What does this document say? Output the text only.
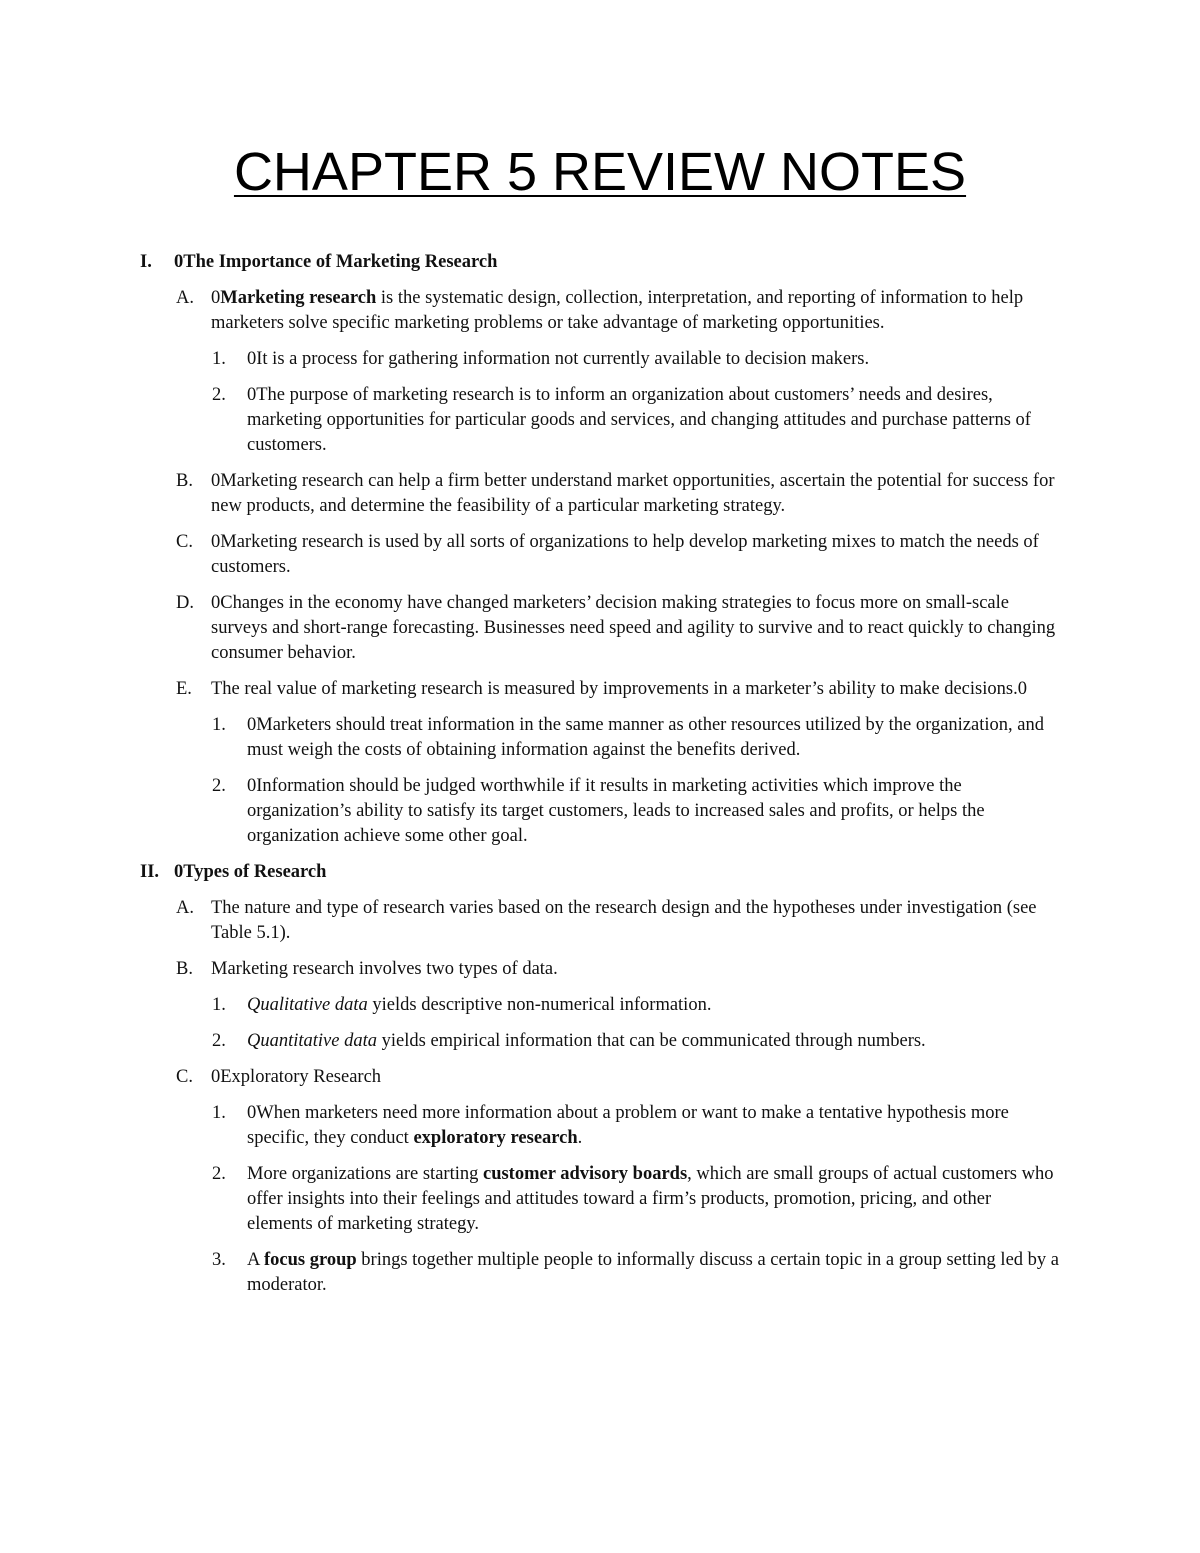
CHAPTER 5 REVIEW NOTES
I. 0The Importance of Marketing Research
A. 0Marketing research is the systematic design, collection, interpretation, and reporting of information to help marketers solve specific marketing problems or take advantage of marketing opportunities.
1. 0It is a process for gathering information not currently available to decision makers.
2. 0The purpose of marketing research is to inform an organization about customers’ needs and desires, marketing opportunities for particular goods and services, and changing attitudes and purchase patterns of customers.
B. 0Marketing research can help a firm better understand market opportunities, ascertain the potential for success for new products, and determine the feasibility of a particular marketing strategy.
C. 0Marketing research is used by all sorts of organizations to help develop marketing mixes to match the needs of customers.
D. 0Changes in the economy have changed marketers’ decision making strategies to focus more on small-scale surveys and short-range forecasting. Businesses need speed and agility to survive and to react quickly to changing consumer behavior.
E. The real value of marketing research is measured by improvements in a marketer’s ability to make decisions.0
1. 0Marketers should treat information in the same manner as other resources utilized by the organization, and must weigh the costs of obtaining information against the benefits derived.
2. 0Information should be judged worthwhile if it results in marketing activities which improve the organization’s ability to satisfy its target customers, leads to increased sales and profits, or helps the organization achieve some other goal.
II. 0Types of Research
A. The nature and type of research varies based on the research design and the hypotheses under investigation (see Table 5.1).
B. Marketing research involves two types of data.
1. Qualitative data yields descriptive non-numerical information.
2. Quantitative data yields empirical information that can be communicated through numbers.
C. 0Exploratory Research
1. 0When marketers need more information about a problem or want to make a tentative hypothesis more specific, they conduct exploratory research.
2. More organizations are starting customer advisory boards, which are small groups of actual customers who offer insights into their feelings and attitudes toward a firm’s products, promotion, pricing, and other elements of marketing strategy.
3. A focus group brings together multiple people to informally discuss a certain topic in a group setting led by a moderator.
